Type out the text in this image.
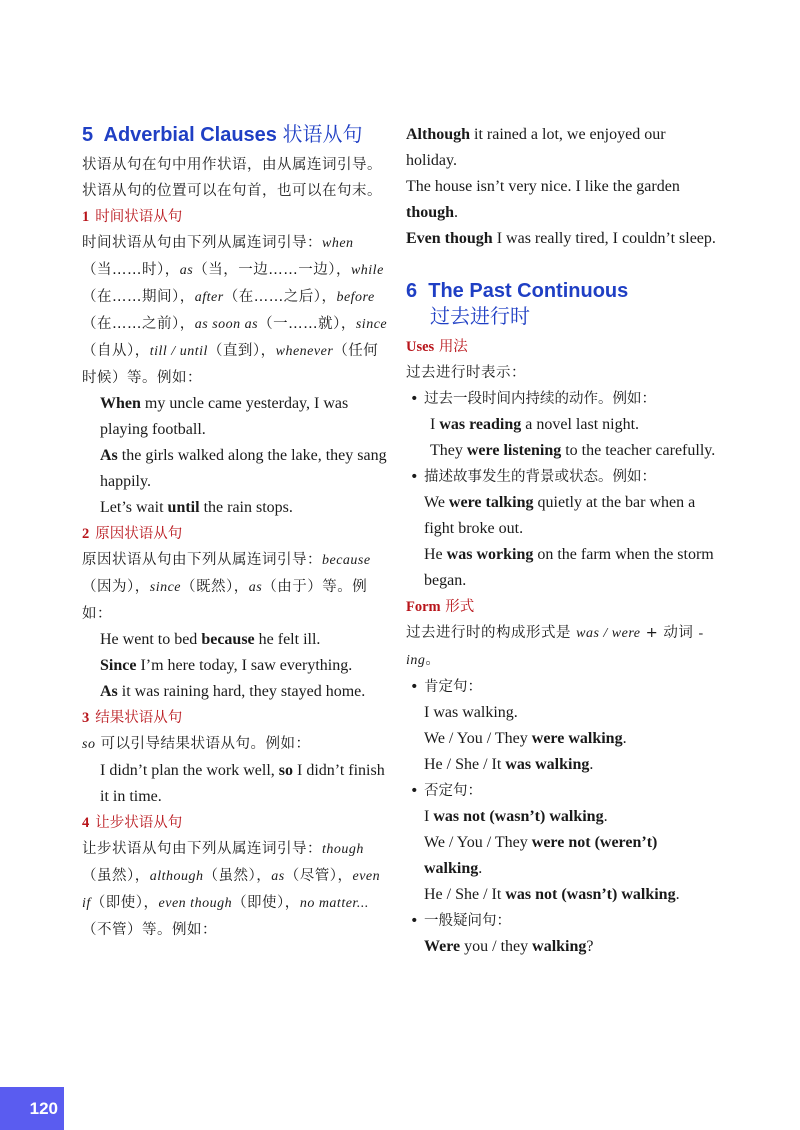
5 Adverbial Clauses 状语从句

状语从句在句中用作状语，由从属连词引导。状语从句的位置可以在句首，也可以在句末。

1 时间状语从句

时间状语从句由下列从属连词引导：when（当……时），as（当，一边……一边），while（在……期间），after（在……之后），before（在……之前），as soon as（一……就），since（自从），till / until（直到），whenever（任何时候）等。例如：

When my uncle came yesterday, I was playing football.

As the girls walked along the lake, they sang happily.

Let’s wait until the rain stops.

2 原因状语从句

原因状语从句由下列从属连词引导：because（因为），since（既然），as（由于）等。例如：

He went to bed because he felt ill.

Since I’m here today, I saw everything.

As it was raining hard, they stayed home.

3 结果状语从句

so 可以引导结果状语从句。例如：

I didn’t plan the work well, so I didn’t finish it in time.

4 让步状语从句

让步状语从句由下列从属连词引导：though（虽然），although（虽然），as（尽管），even if（即使），even though（即使），no matter...（不管）等。例如：

Although it rained a lot, we enjoyed our holiday.

The house isn’t very nice. I like the garden though.

Even though I was really tired, I couldn’t sleep.

6 The Past Continuous
过去进行时

Uses 用法

过去进行时表示：

• 过去一段时间内持续的动作。例如：

I was reading a novel last night.

They were listening to the teacher carefully.

• 描述故事发生的背景或状态。例如：

We were talking quietly at the bar when a fight broke out.

He was working on the farm when the storm began.

Form 形式

过去进行时的构成形式是 was / were + 动词 -ing。

• 肯定句：

I was walking.

We / You / They were walking.

He / She / It was walking.

• 否定句：

I was not (wasn’t) walking.

We / You / They were not (weren’t) walking.

He / She / It was not (wasn’t) walking.

• 一般疑问句：

Were you / they walking?

120
